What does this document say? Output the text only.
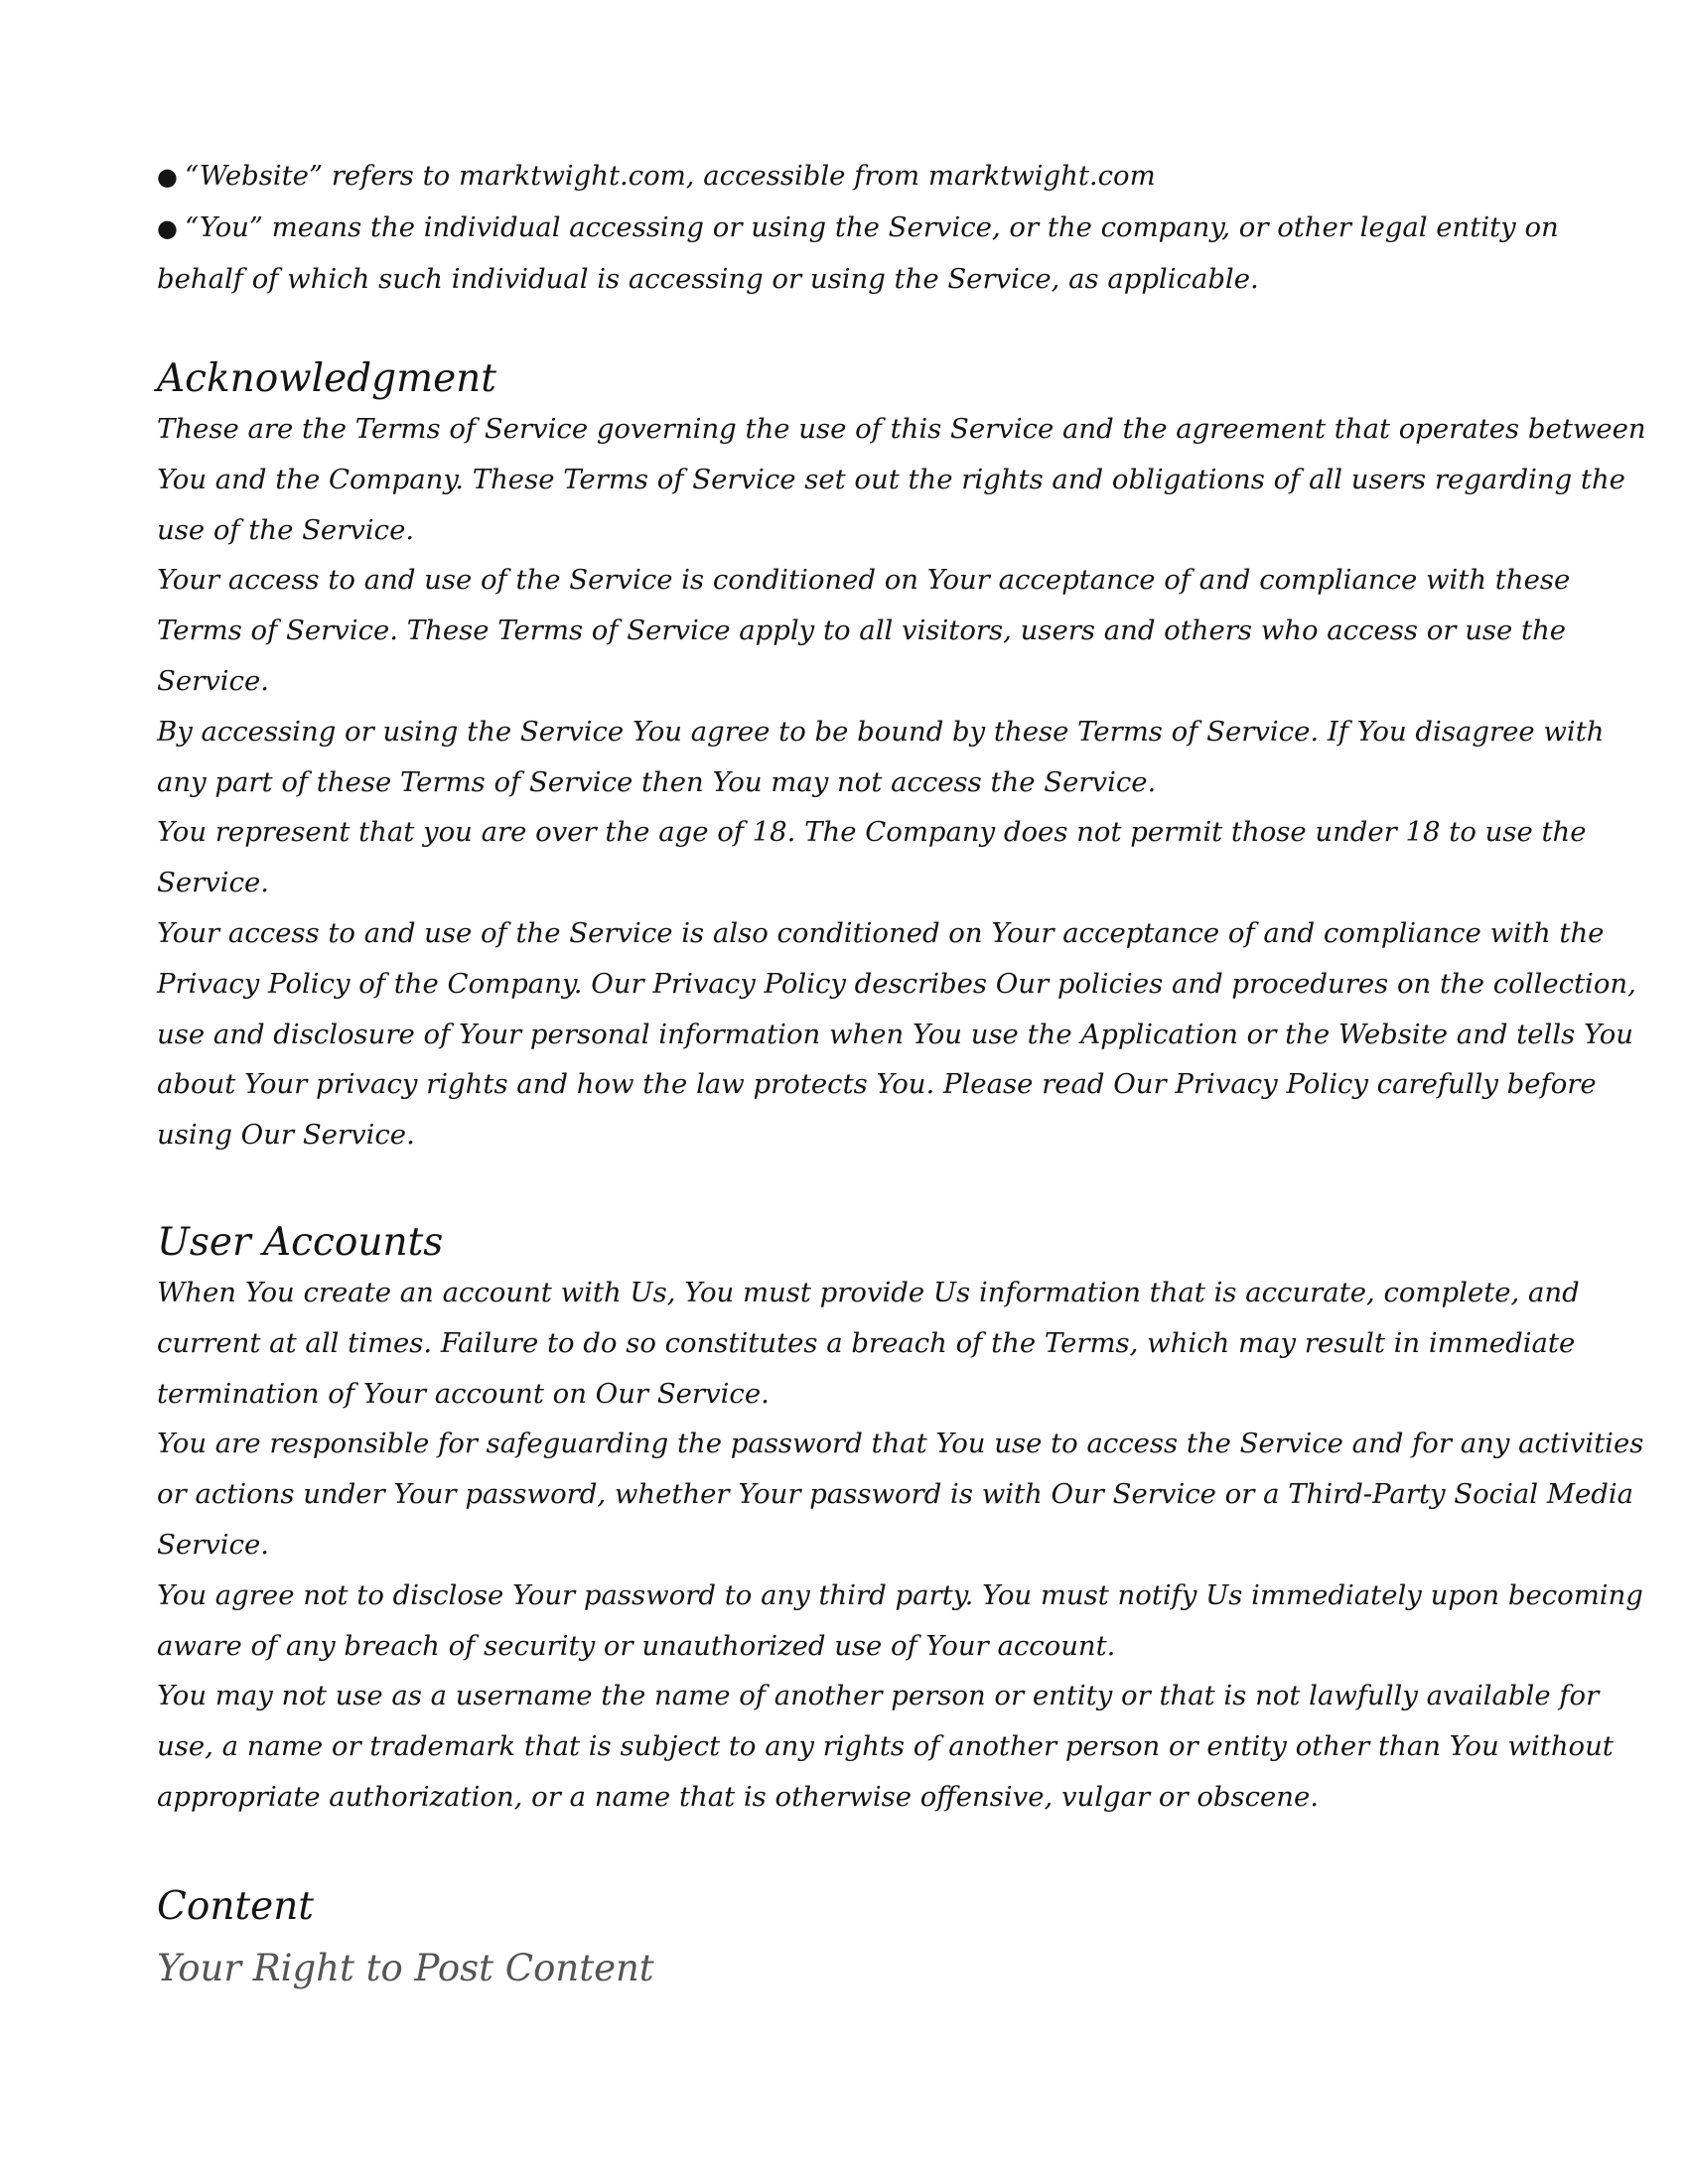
● “Website” refers to marktwight.com, accessible from marktwight.com

● “You” means the individual accessing or using the Service, or the company, or other legal entity on

behalf of which such individual is accessing or using the Service, as applicable.

Acknowledgment

These are the Terms of Service governing the use of this Service and the agreement that operates between

You and the Company. These Terms of Service set out the rights and obligations of all users regarding the

use of the Service.

Your access to and use of the Service is conditioned on Your acceptance of and compliance with these

Terms of Service. These Terms of Service apply to all visitors, users and others who access or use the

Service.

By accessing or using the Service You agree to be bound by these Terms of Service. If You disagree with

any part of these Terms of Service then You may not access the Service.

You represent that you are over the age of 18. The Company does not permit those under 18 to use the

Service.

Your access to and use of the Service is also conditioned on Your acceptance of and compliance with the

Privacy Policy of the Company. Our Privacy Policy describes Our policies and procedures on the collection,

use and disclosure of Your personal information when You use the Application or the Website and tells You

about Your privacy rights and how the law protects You. Please read Our Privacy Policy carefully before

using Our Service.

User Accounts

When You create an account with Us, You must provide Us information that is accurate, complete, and

current at all times. Failure to do so constitutes a breach of the Terms, which may result in immediate

termination of Your account on Our Service.

You are responsible for safeguarding the password that You use to access the Service and for any activities

or actions under Your password, whether Your password is with Our Service or a Third-Party Social Media

Service.

You agree not to disclose Your password to any third party. You must notify Us immediately upon becoming

aware of any breach of security or unauthorized use of Your account.

You may not use as a username the name of another person or entity or that is not lawfully available for

use, a name or trademark that is subject to any rights of another person or entity other than You without

appropriate authorization, or a name that is otherwise offensive, vulgar or obscene.

Content
Your Right to Post Content
